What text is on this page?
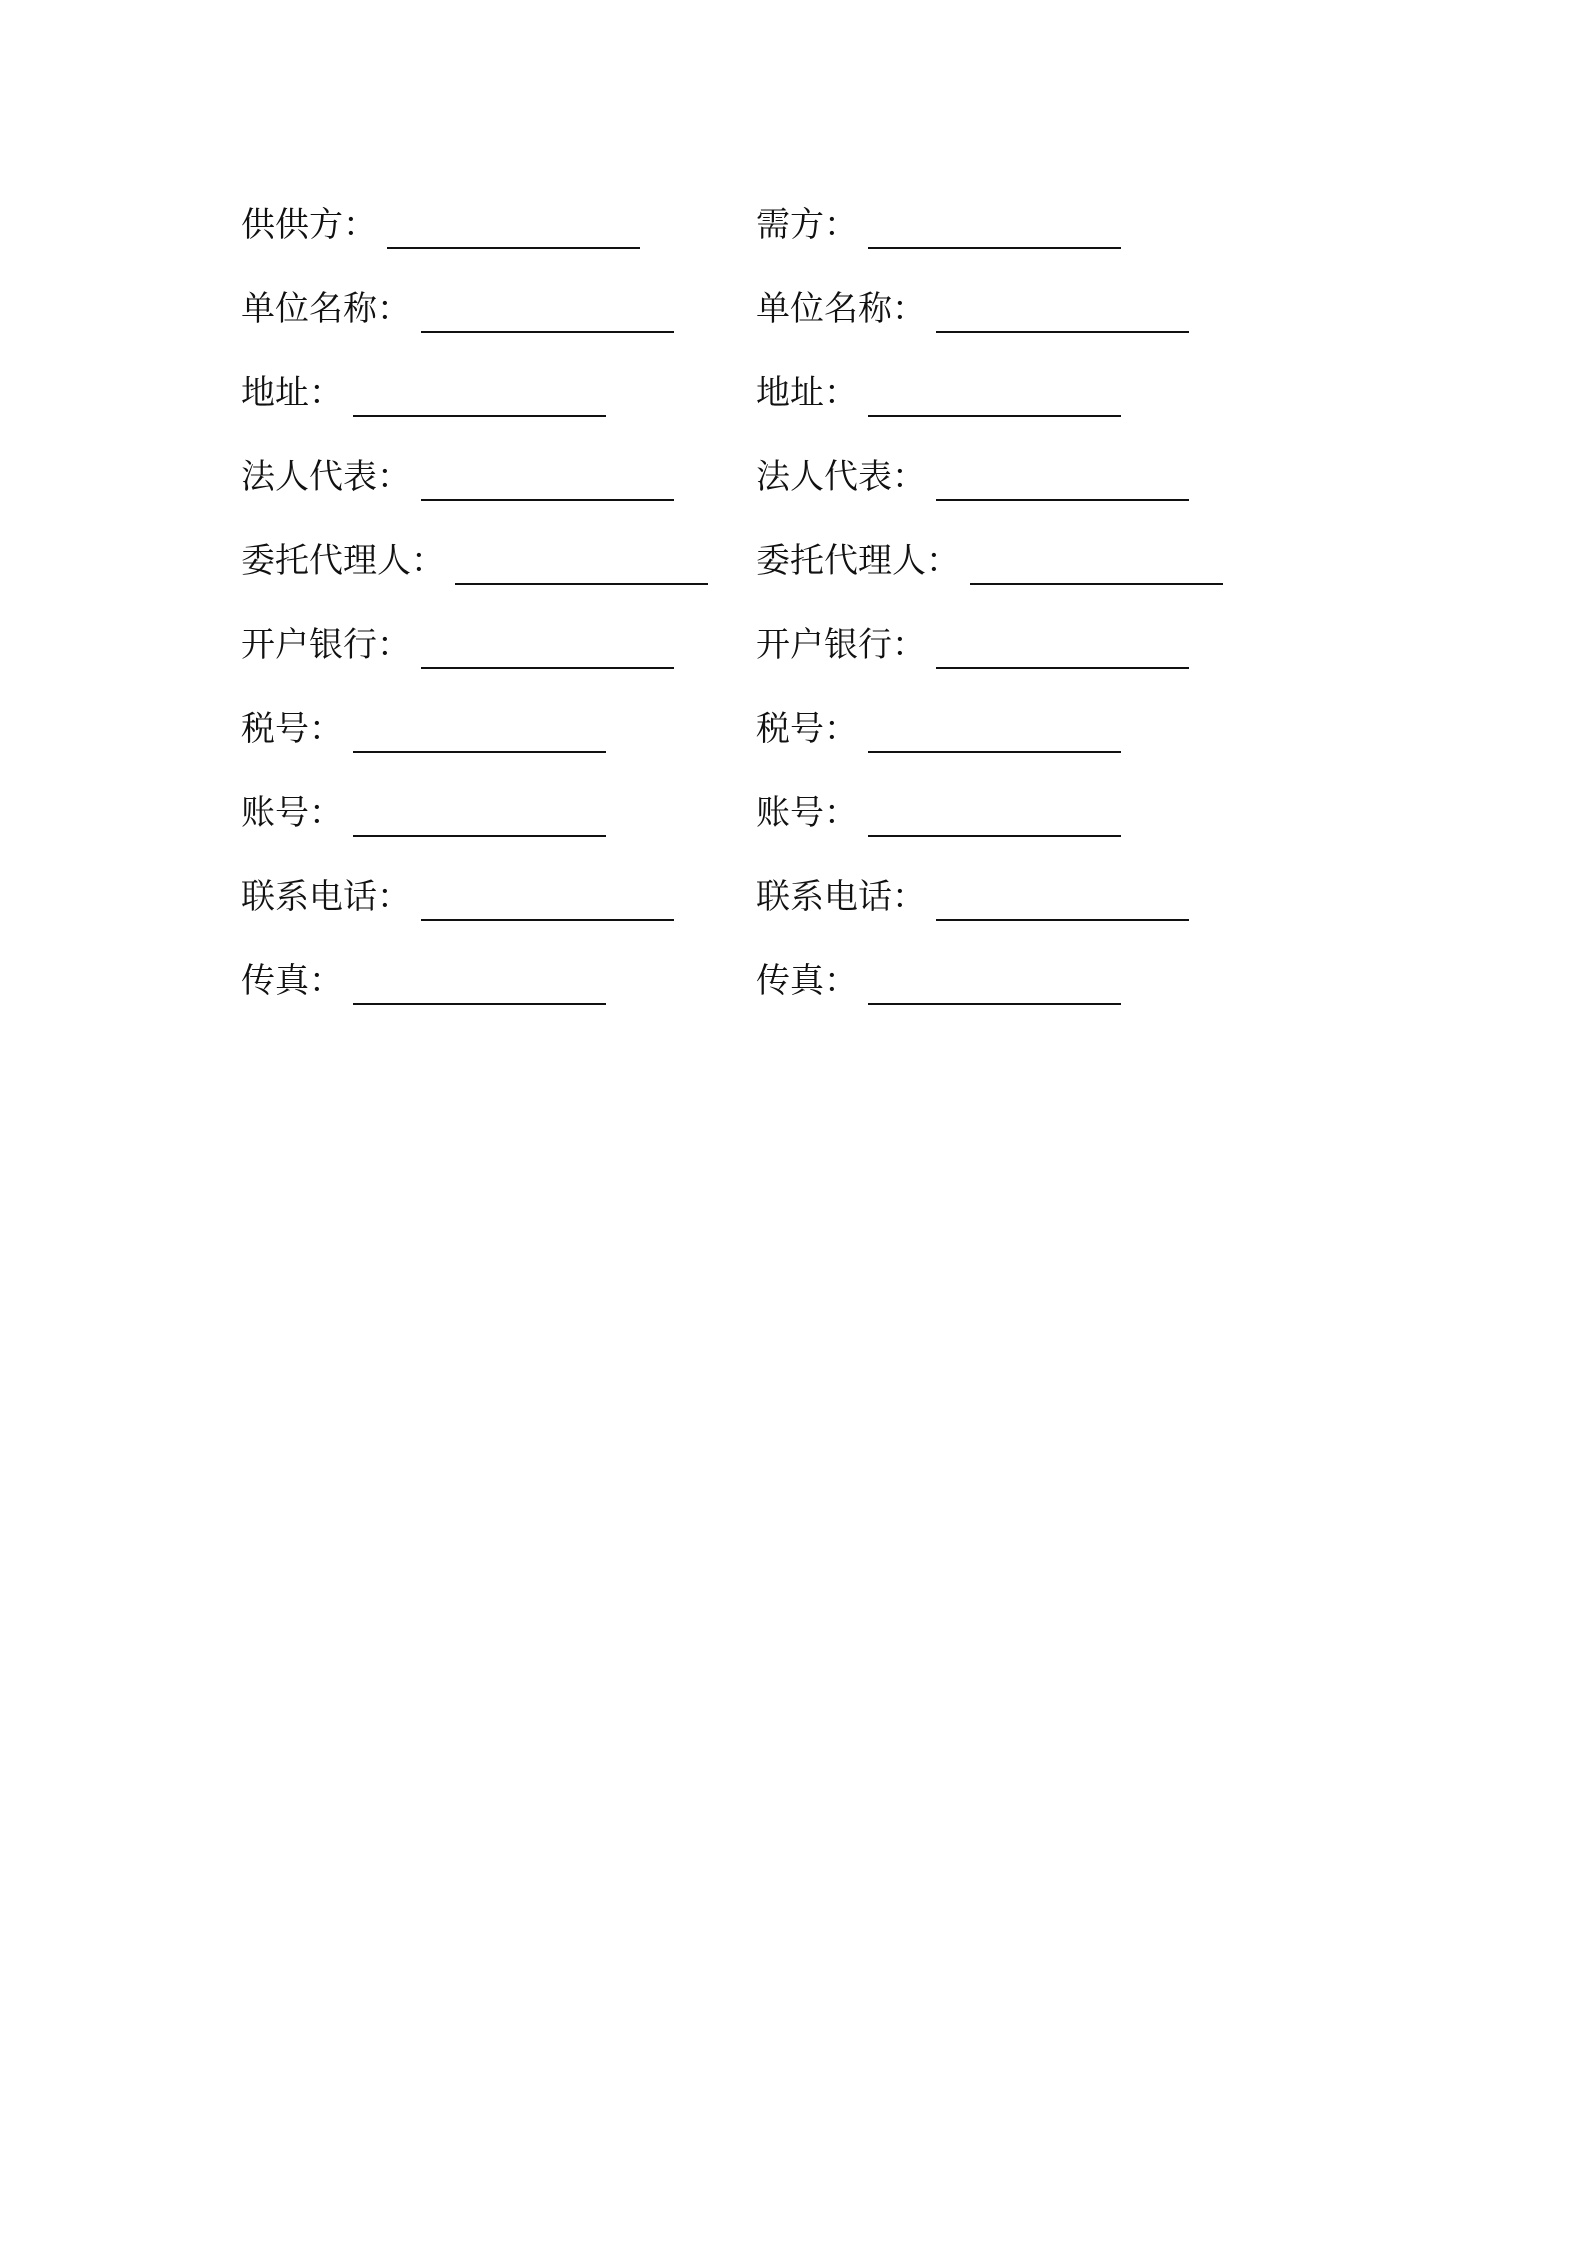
供供方：
单位名称：
地址：
法人代表：
委托代理人：
开户银行：
税号：
账号：
联系电话：
传真：
需方：
单位名称：
地址：
法人代表：
委托代理人：
开户银行：
税号：
账号：
联系电话：
传真：
